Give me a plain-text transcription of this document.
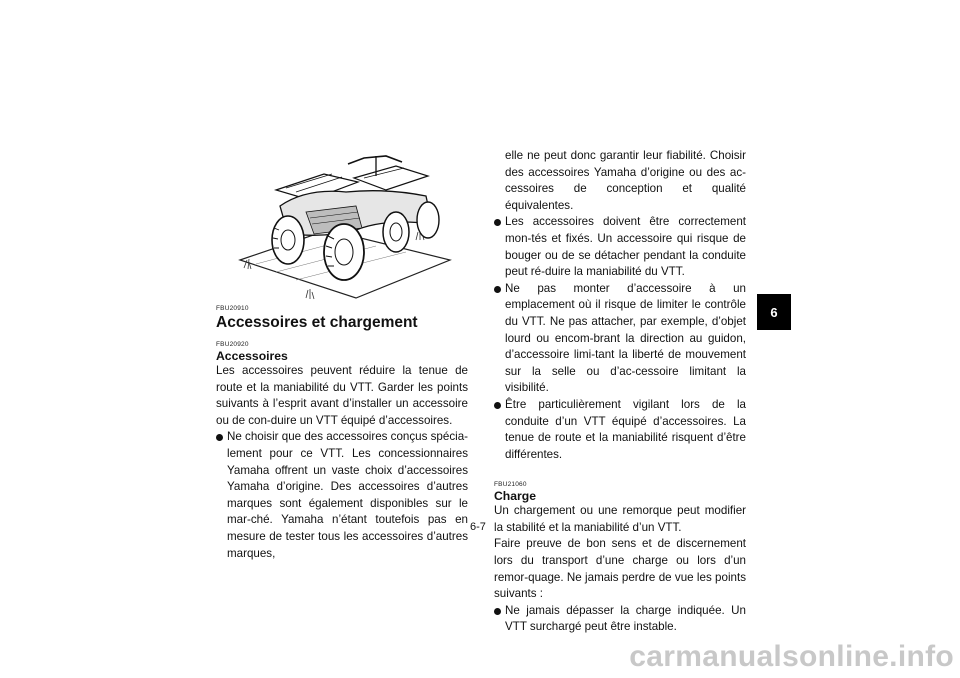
FBU20910
Accessoires et chargement
FBU20920
Accessoires

Les accessoires peuvent réduire la tenue de route et la maniabilité du VTT. Garder les points suivants à l’esprit avant d’installer un accessoire ou de con-duire un VTT équipé d’accessoires.

Ne choisir que des accessoires conçus spécia-lement pour ce VTT. Les concessionnaires Yamaha offrent un vaste choix d’accessoires Yamaha d’origine. Des accessoires d’autres marques sont également disponibles sur le mar-ché. Yamaha n’étant toutefois pas en mesure de tester tous les accessoires d’autres marques,

elle ne peut donc garantir leur fiabilité. Choisir des accessoires Yamaha d’origine ou des ac-cessoires de conception et qualité équivalentes.

Les accessoires doivent être correctement mon-tés et fixés. Un accessoire qui risque de bouger ou de se détacher pendant la conduite peut ré-duire la maniabilité du VTT.
Ne pas monter d’accessoire à un emplacement où il risque de limiter le contrôle du VTT. Ne pas attacher, par exemple, d’objet lourd ou encom-brant la direction au guidon, d’accessoire limi-tant la liberté de mouvement sur la selle ou d’ac-cessoire limitant la visibilité.
Être particulièrement vigilant lors de la conduite d’un VTT équipé d’accessoires. La tenue de route et la maniabilité risquent d’être différentes.
FBU21060
Charge

Un chargement ou une remorque peut modifier la stabilité et la maniabilité d’un VTT.

Faire preuve de bon sens et de discernement lors du transport d’une charge ou lors d’un remor-quage. Ne jamais perdre de vue les points suivants :

Ne jamais dépasser la charge indiquée. Un VTT surchargé peut être instable.
6
6-7
carmanualsonline.info
